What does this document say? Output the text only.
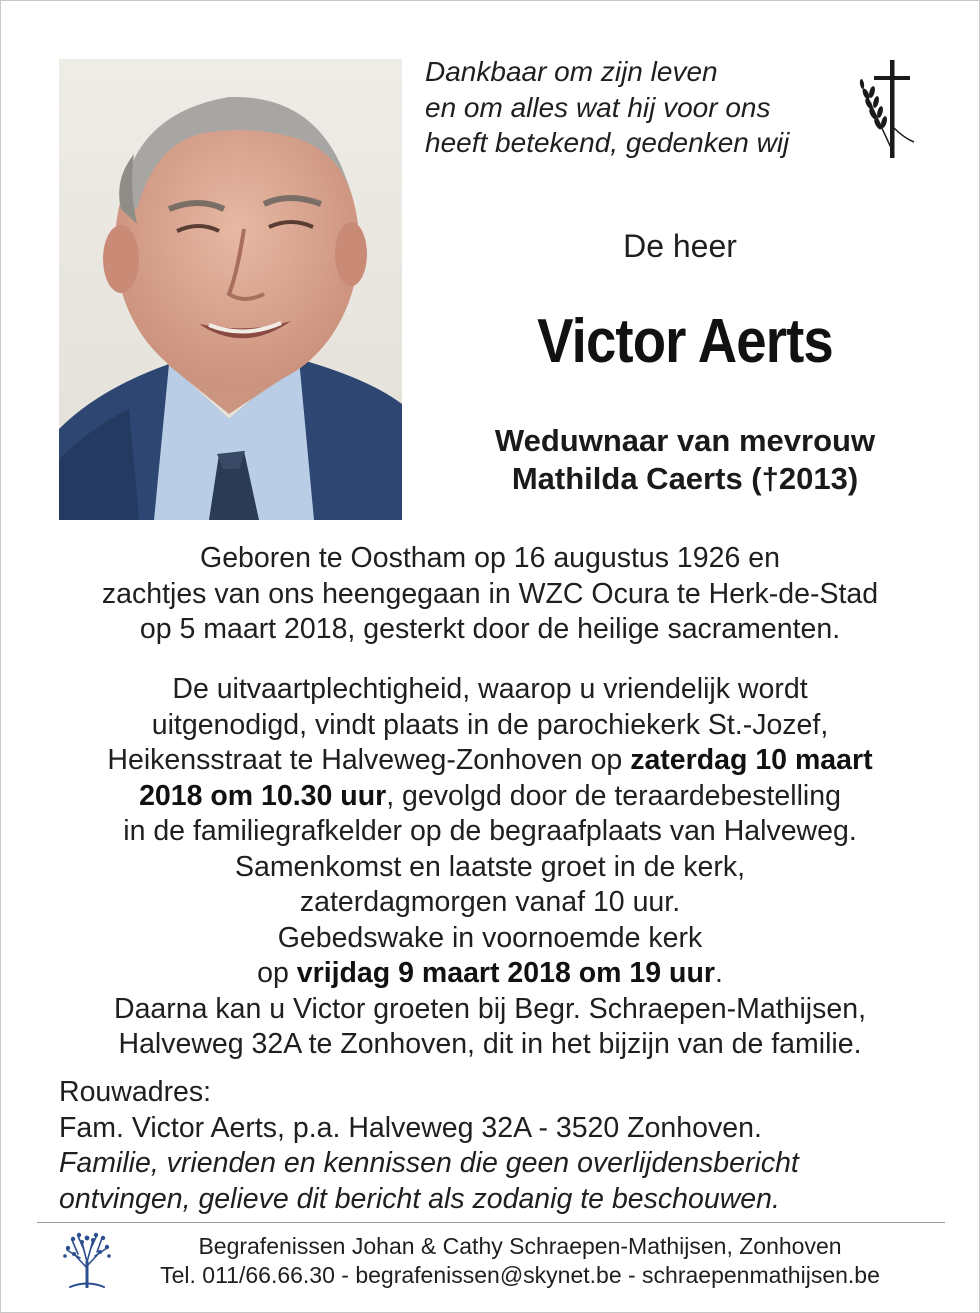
Dankbaar om zijn leven
en om alles wat hij voor ons
heeft betekend, gedenken wij
De heer
Victor Aerts
Weduwnaar van mevrouw
Mathilda Caerts (†2013)
Geboren te Oostham op 16 augustus 1926 en
zachtjes van ons heengegaan in WZC Ocura te Herk-de-Stad
op 5 maart 2018, gesterkt door de heilige sacramenten.
De uitvaartplechtigheid, waarop u vriendelijk wordt
uitgenodigd, vindt plaats in de parochiekerk St.-Jozef,
Heikensstraat te Halveweg-Zonhoven op zaterdag 10 maart
2018 om 10.30 uur, gevolgd door de teraardebestelling
in de familiegrafkelder op de begraafplaats van Halveweg.
Samenkomst en laatste groet in de kerk,
zaterdagmorgen vanaf 10 uur.
Gebedswake in voornoemde kerk
op vrijdag 9 maart 2018 om 19 uur.
Daarna kan u Victor groeten bij Begr. Schraepen-Mathijsen,
Halveweg 32A te Zonhoven, dit in het bijzijn van de familie.
Rouwadres:
Fam. Victor Aerts, p.a. Halveweg 32A - 3520 Zonhoven.
Familie, vrienden en kennissen die geen overlijdensbericht
ontvingen, gelieve dit bericht als zodanig te beschouwen.
Begrafenissen Johan & Cathy Schraepen-Mathijsen, Zonhoven
Tel. 011/66.66.30 - begrafenissen@skynet.be - schraepenmathijsen.be
